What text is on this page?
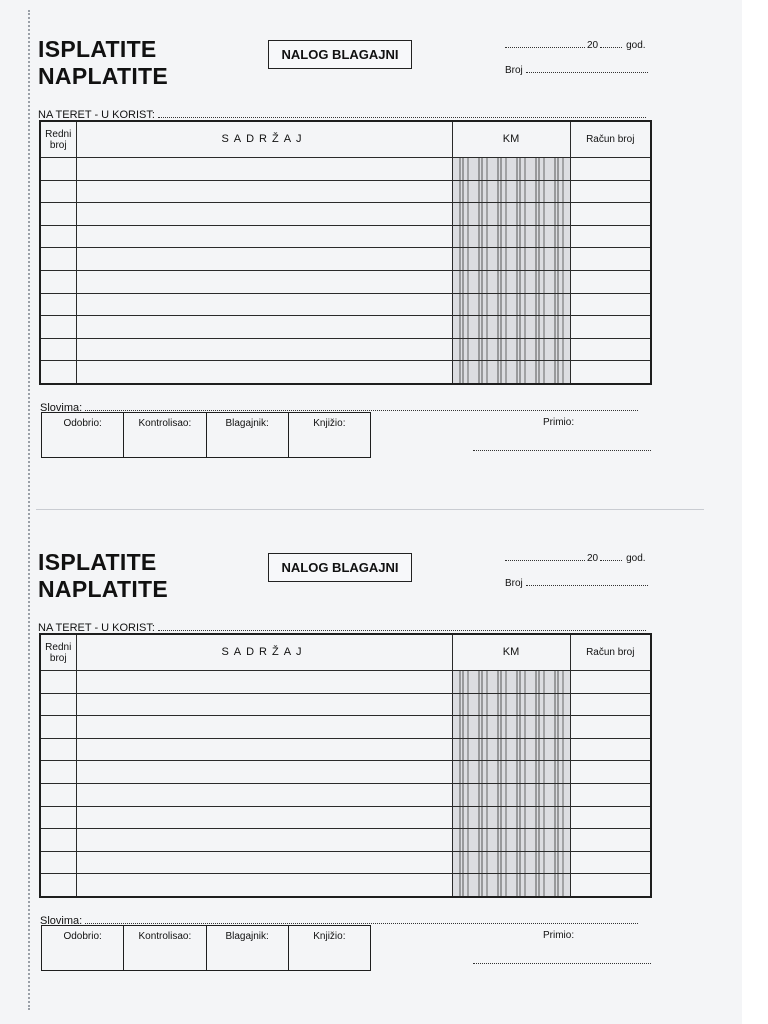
ISPLATITE
NAPLATITE
NALOG BLAGAJNI
20	god.
Broj
NA TERET - U KORIST:
Redni broj	SADRŽAJ	KM	Račun broj

Slovima:
Odobrio:	Kontrolisao:	Blagajnik:	Knjižio:	Primio:
ISPLATITE
NAPLATITE
NALOG BLAGAJNI
20	god.
Broj
NA TERET - U KORIST:
Redni broj	SADRŽAJ	KM	Račun broj

Slovima:
Odobrio:	Kontrolisao:	Blagajnik:	Knjižio:	Primio:
